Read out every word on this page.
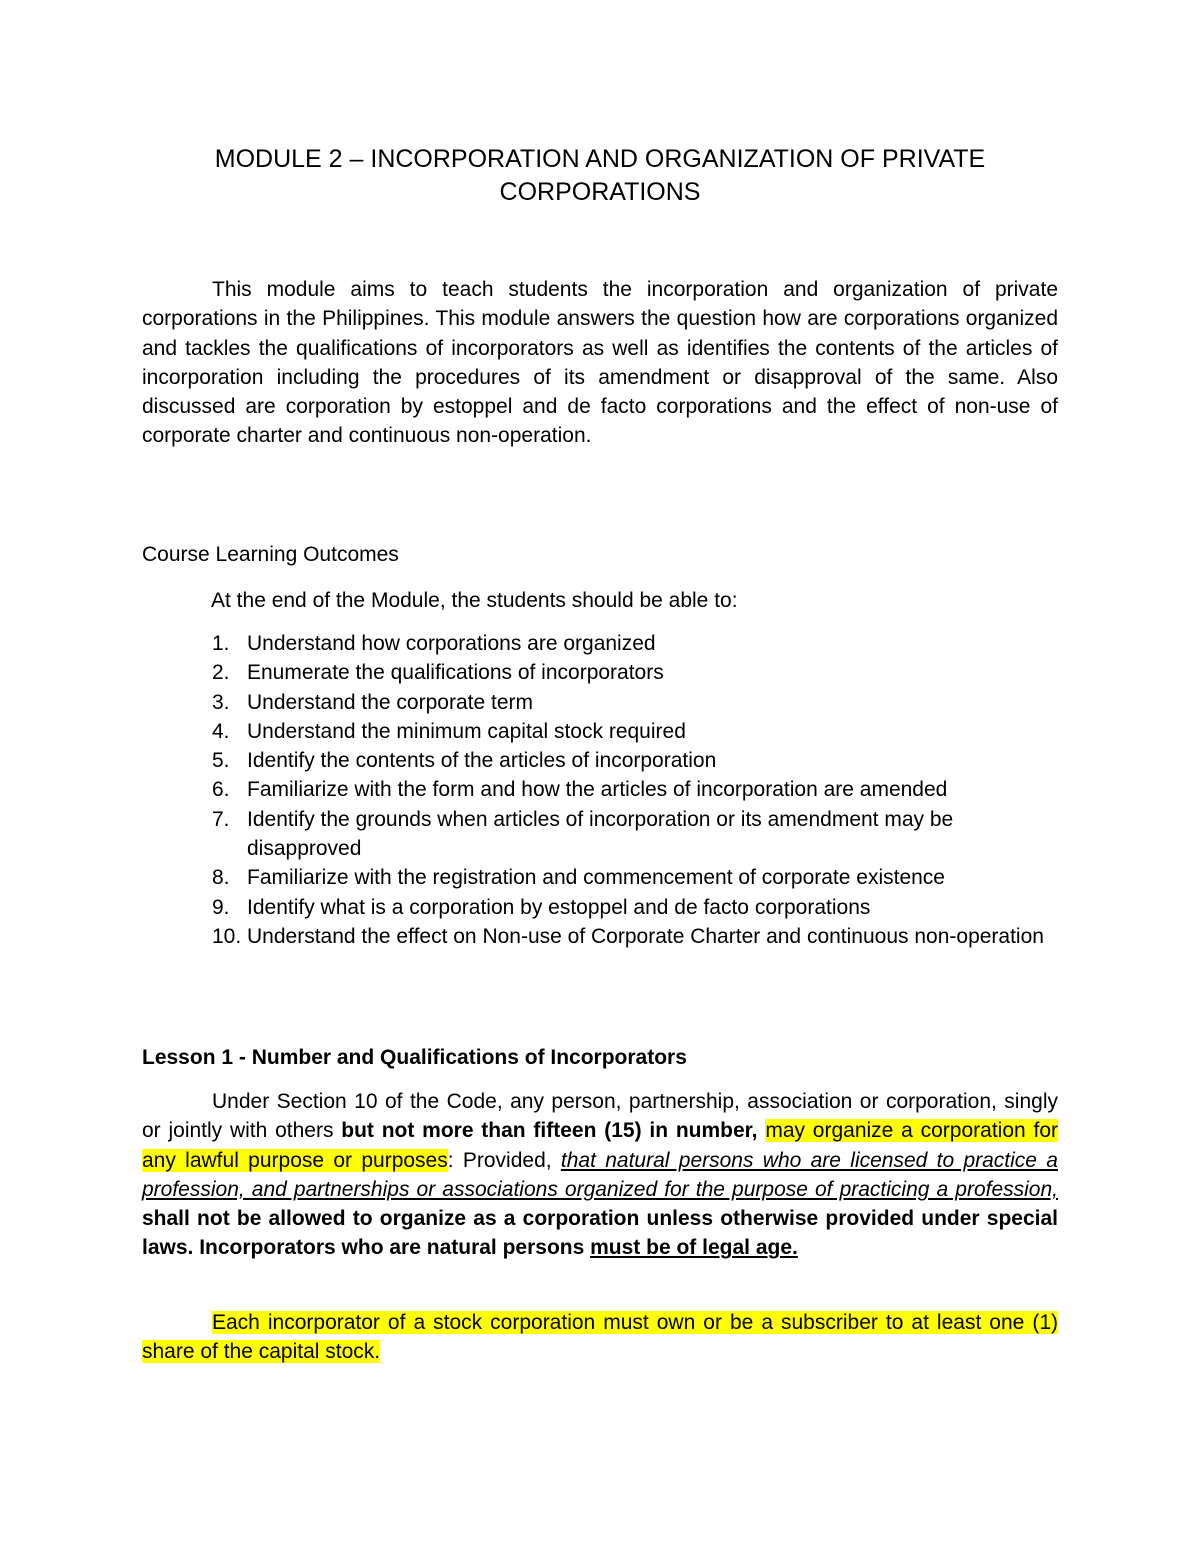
MODULE 2 – INCORPORATION AND ORGANIZATION OF PRIVATE
CORPORATIONS

This module aims to teach students the incorporation and organization of private corporations in the Philippines. This module answers the question how are corporations organized and tackles the qualifications of incorporators as well as identifies the contents of the articles of incorporation including the procedures of its amendment or disapproval of the same. Also discussed are corporation by estoppel and de facto corporations and the effect of non-use of corporate charter and continuous non-operation.

Course Learning Outcomes

At the end of the Module, the students should be able to:

1. Understand how corporations are organized
2. Enumerate the qualifications of incorporators
3. Understand the corporate term
4. Understand the minimum capital stock required
5. Identify the contents of the articles of incorporation
6. Familiarize with the form and how the articles of incorporation are amended
7. Identify the grounds when articles of incorporation or its amendment may be disapproved
8. Familiarize with the registration and commencement of corporate existence
9. Identify what is a corporation by estoppel and de facto corporations
10. Understand the effect on Non-use of Corporate Charter and continuous non-operation

Lesson 1 - Number and Qualifications of Incorporators

Under Section 10 of the Code, any person, partnership, association or corporation, singly or jointly with others but not more than fifteen (15) in number, may organize a corporation for any lawful purpose or purposes: Provided, that natural persons who are licensed to practice a profession, and partnerships or associations organized for the purpose of practicing a profession, shall not be allowed to organize as a corporation unless otherwise provided under special laws. Incorporators who are natural persons must be of legal age.

Each incorporator of a stock corporation must own or be a subscriber to at least one (1) share of the capital stock.
